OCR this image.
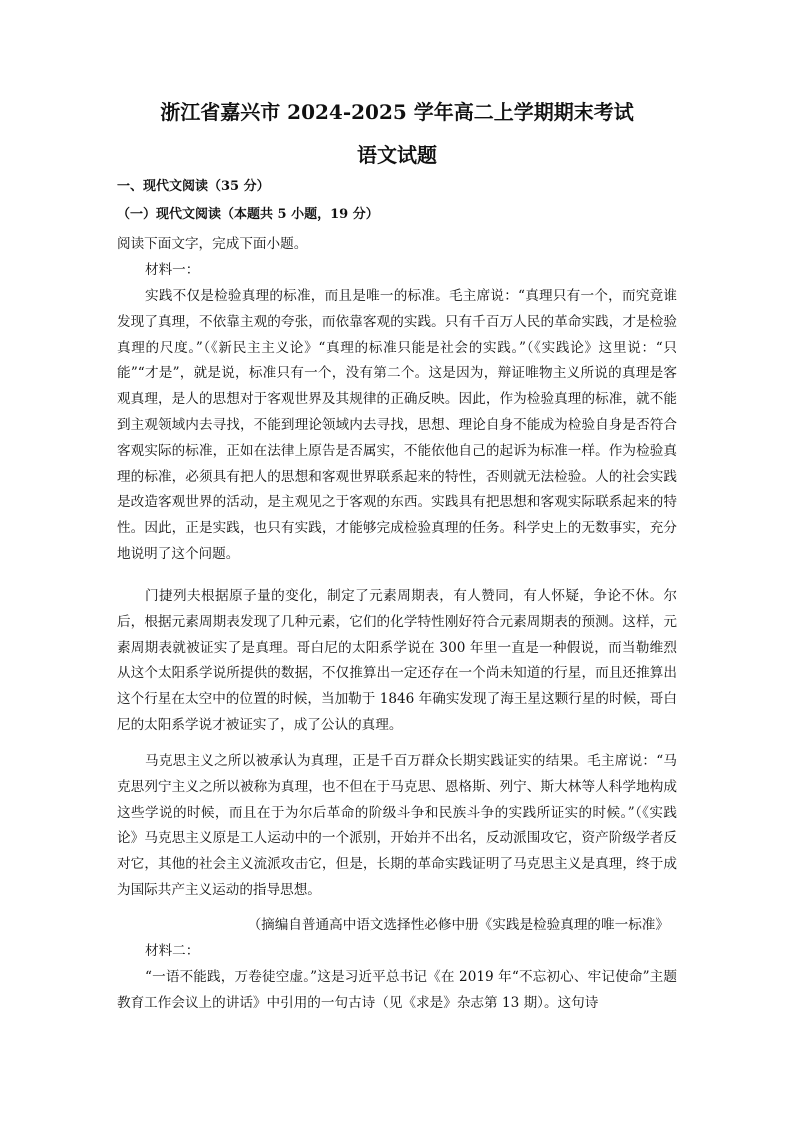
浙江省嘉兴市 2024-2025 学年高二上学期期末考试
语文试题
一、现代文阅读（35 分）
（一）现代文阅读（本题共 5 小题，19 分）
阅读下面文字，完成下面小题。
材料一：
实践不仅是检验真理的标准，而且是唯一的标准。毛主席说：“真理只有一个，而究竟谁发现了真理，不依靠主观的夸张，而依靠客观的实践。只有千百万人民的革命实践，才是检验真理的尺度。”（《新民主主义论》“真理的标准只能是社会的实践。”（《实践论》这里说：“只能”“才是”，就是说，标准只有一个，没有第二个。这是因为，辩证唯物主义所说的真理是客观真理，是人的思想对于客观世界及其规律的正确反映。因此，作为检验真理的标准，就不能到主观领域内去寻找，不能到理论领域内去寻找，思想、理论自身不能成为检验自身是否符合客观实际的标准，正如在法律上原告是否属实，不能依他自己的起诉为标准一样。作为检验真理的标准，必须具有把人的思想和客观世界联系起来的特性，否则就无法检验。人的社会实践是改造客观世界的活动，是主观见之于客观的东西。实践具有把思想和客观实际联系起来的特性。因此，正是实践，也只有实践，才能够完成检验真理的任务。科学史上的无数事实，充分地说明了这个问题。
门捷列夫根据原子量的变化，制定了元素周期表，有人赞同，有人怀疑，争论不休。尔后，根据元素周期表发现了几种元素，它们的化学特性刚好符合元素周期表的预测。这样，元素周期表就被证实了是真理。哥白尼的太阳系学说在 300 年里一直是一种假说，而当勒维烈从这个太阳系学说所提供的数据，不仅推算出一定还存在一个尚未知道的行星，而且还推算出这个行星在太空中的位置的时候，当加勒于 1846 年确实发现了海王星这颗行星的时候，哥白尼的太阳系学说才被证实了，成了公认的真理。
马克思主义之所以被承认为真理，正是千百万群众长期实践证实的结果。毛主席说：“马克思列宁主义之所以被称为真理，也不但在于马克思、恩格斯、列宁、斯大林等人科学地构成这些学说的时候，而且在于为尔后革命的阶级斗争和民族斗争的实践所证实的时候。”（《实践论》马克思主义原是工人运动中的一个派别，开始并不出名，反动派围攻它，资产阶级学者反对它，其他的社会主义流派攻击它，但是，长期的革命实践证明了马克思主义是真理，终于成为国际共产主义运动的指导思想。
（摘编自普通高中语文选择性必修中册《实践是检验真理的唯一标准》
材料二：
“一语不能践，万卷徒空虚。”这是习近平总书记《在 2019 年“不忘初心、牢记使命”主题教育工作会议上的讲话》中引用的一句古诗（见《求是》杂志第 13 期）。这句诗
